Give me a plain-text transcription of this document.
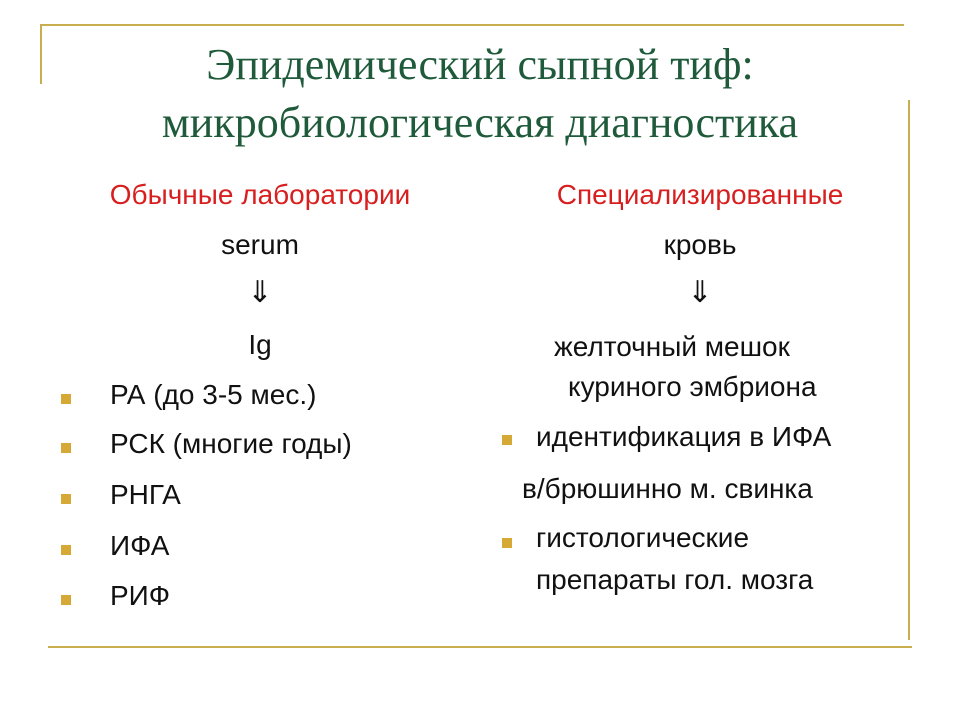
Эпидемический сыпной тиф:
микробиологическая диагностика
Обычные лаборатории
serum
⇓
Ig
РА (до 3-5 мес.)
РСК (многие годы)
РНГА
ИФА
РИФ
Специализированные
кровь
⇓
желточный мешок
куриного эмбриона
идентификация в ИФА
в/брюшинно м. свинка
гистологические
препараты гол. мозга
